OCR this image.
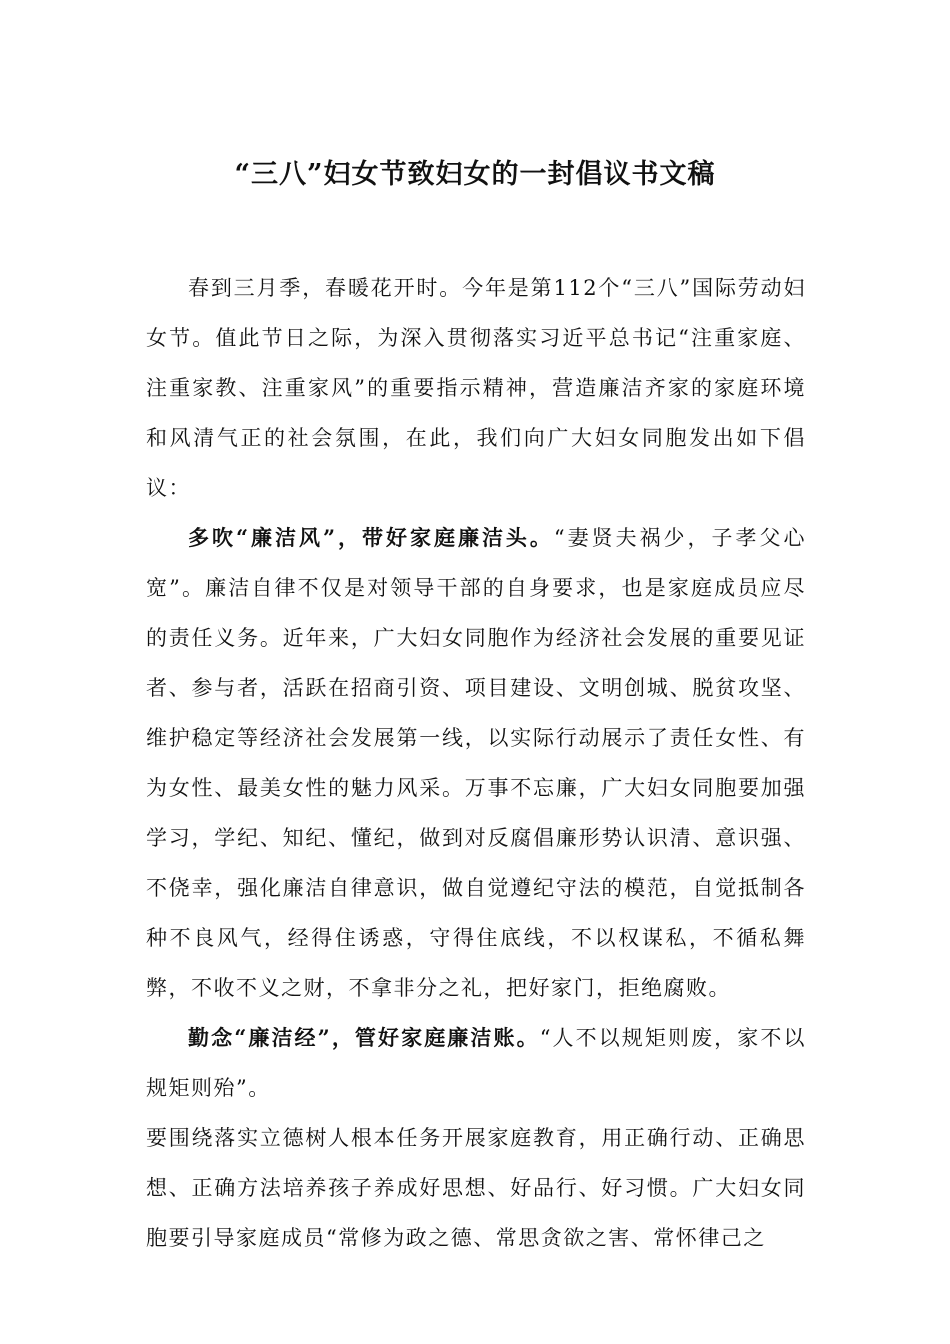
“三八”妇女节致妇女的一封倡议书文稿

春到三月季，春暖花开时。今年是第112个“三八”国际劳动妇女节。值此节日之际，为深入贯彻落实习近平总书记“注重家庭、注重家教、注重家风”的重要指示精神，营造廉洁齐家的家庭环境和风清气正的社会氛围，在此，我们向广大妇女同胞发出如下倡议：

多吹“廉洁风”，带好家庭廉洁头。“妻贤夫祸少，子孝父心宽”。廉洁自律不仅是对领导干部的自身要求，也是家庭成员应尽的责任义务。近年来，广大妇女同胞作为经济社会发展的重要见证者、参与者，活跃在招商引资、项目建设、文明创城、脱贫攻坚、维护稳定等经济社会发展第一线，以实际行动展示了责任女性、有为女性、最美女性的魅力风采。万事不忘廉，广大妇女同胞要加强学习，学纪、知纪、懂纪，做到对反腐倡廉形势认识清、意识强、不侥幸，强化廉洁自律意识，做自觉遵纪守法的模范，自觉抵制各种不良风气，经得住诱惑，守得住底线，不以权谋私，不循私舞弊，不收不义之财，不拿非分之礼，把好家门，拒绝腐败。

勤念“廉洁经”，管好家庭廉洁账。“人不以规矩则废，家不以规矩则殆”。

要围绕落实立德树人根本任务开展家庭教育，用正确行动、正确思想、正确方法培养孩子养成好思想、好品行、好习惯。广大妇女同胞要引导家庭成员“常修为政之德、常思贪欲之害、常怀律己之
